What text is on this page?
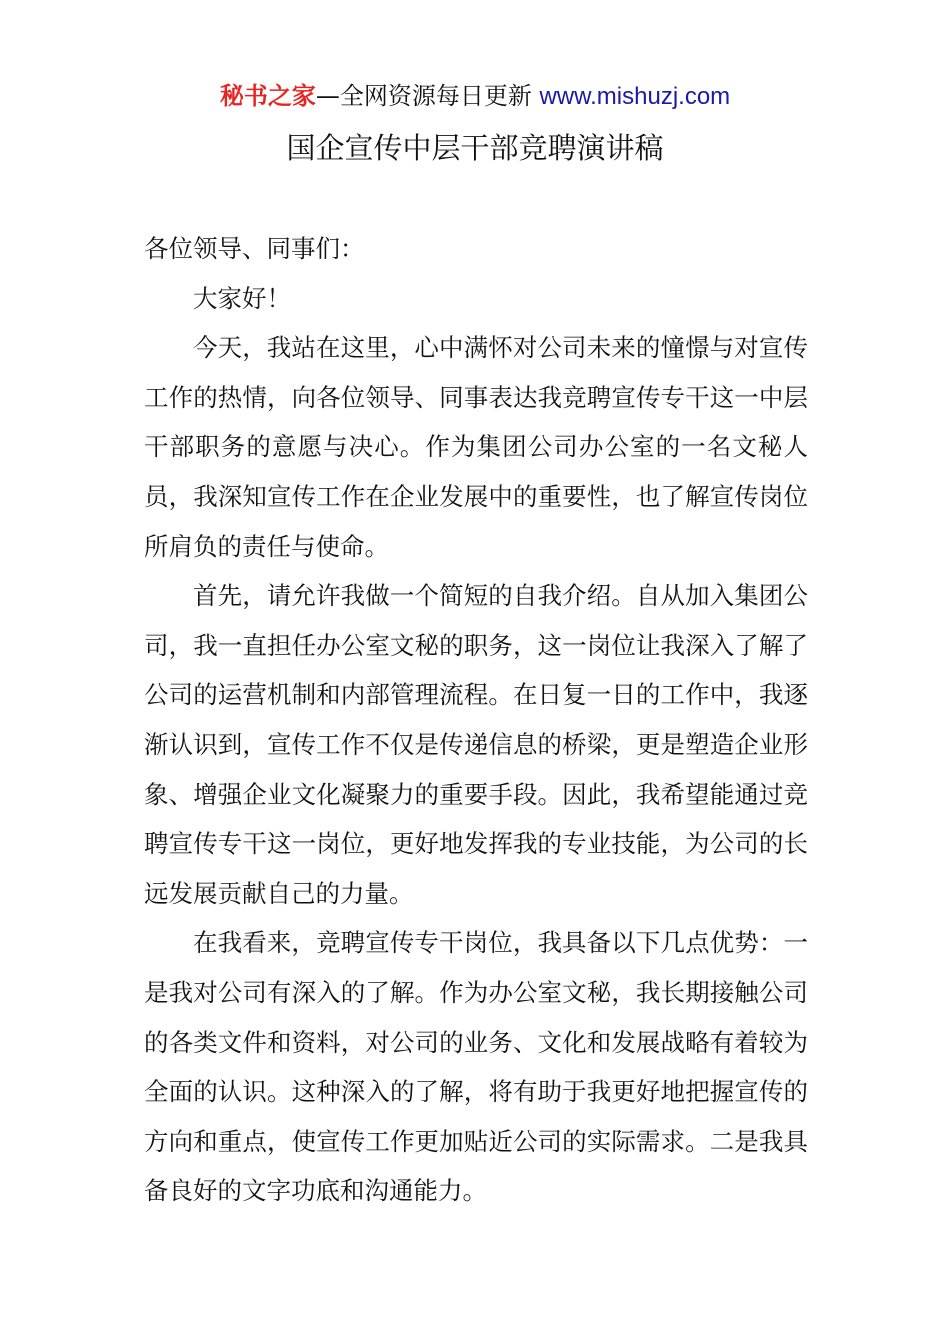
秘书之家—全网资源每日更新 www.mishuzj.com
国企宣传中层干部竞聘演讲稿

各位领导、同事们：

大家好！

今天，我站在这里，心中满怀对公司未来的憧憬与对宣传工作的热情，向各位领导、同事表达我竞聘宣传专干这一中层干部职务的意愿与决心。作为集团公司办公室的一名文秘人员，我深知宣传工作在企业发展中的重要性，也了解宣传岗位所肩负的责任与使命。

首先，请允许我做一个简短的自我介绍。自从加入集团公司，我一直担任办公室文秘的职务，这一岗位让我深入了解了公司的运营机制和内部管理流程。在日复一日的工作中，我逐渐认识到，宣传工作不仅是传递信息的桥梁，更是塑造企业形象、增强企业文化凝聚力的重要手段。因此，我希望能通过竞聘宣传专干这一岗位，更好地发挥我的专业技能，为公司的长远发展贡献自己的力量。

在我看来，竞聘宣传专干岗位，我具备以下几点优势：一是我对公司有深入的了解。作为办公室文秘，我长期接触公司的各类文件和资料，对公司的业务、文化和发展战略有着较为全面的认识。这种深入的了解，将有助于我更好地把握宣传的方向和重点，使宣传工作更加贴近公司的实际需求。二是我具备良好的文字功底和沟通能力。
